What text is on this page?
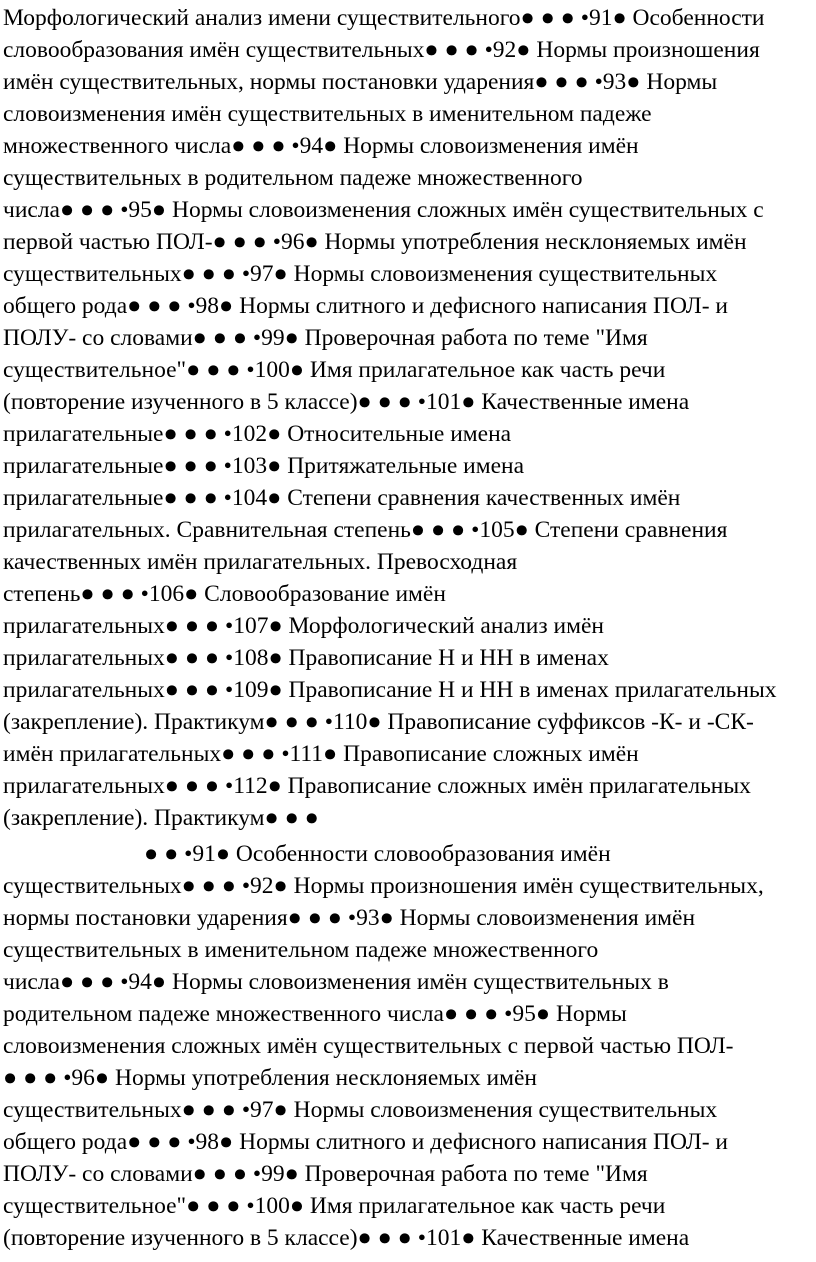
Морфологический анализ имени существительного● ● ● •91● Особенности
словообразования имён существительных● ● ● •92● Нормы произношения
имён существительных, нормы постановки ударения● ● ● •93● Нормы
словоизменения имён существительных в именительном падеже
множественного числа● ● ● •94● Нормы словоизменения имён
существительных в родительном падеже множественного
числа● ● ● •95● Нормы словоизменения сложных имён существительных с
первой частью ПОЛ-● ● ● •96● Нормы употребления несклоняемых имён
существительных● ● ● •97● Нормы словоизменения существительных
общего рода● ● ● •98● Нормы слитного и дефисного написания ПОЛ- и
ПОЛУ- со словами● ● ● •99● Проверочная работа по теме "Имя
существительное"● ● ● •100● Имя прилагательное как часть речи
(повторение изученного в 5 классе)● ● ● •101● Качественные имена
прилагательные● ● ● •102● Относительные имена
прилагательные● ● ● •103● Притяжательные имена
прилагательные● ● ● •104● Степени сравнения качественных имён
прилагательных. Сравнительная степень● ● ● •105● Степени сравнения
качественных имён прилагательных. Превосходная
степень● ● ● •106● Словообразование имён
прилагательных● ● ● •107● Морфологический анализ имён
прилагательных● ● ● •108● Правописание Н и НН в именах
прилагательных● ● ● •109● Правописание Н и НН в именах прилагательных
(закрепление). Практикум● ● ● •110● Правописание суффиксов -К- и -СК-
имён прилагательных● ● ● •111● Правописание сложных имён
прилагательных● ● ● •112● Правописание сложных имён прилагательных
(закрепление). Практикум● ● ●
● ● •91● Особенности словообразования имён
существительных● ● ● •92● Нормы произношения имён существительных,
нормы постановки ударения● ● ● •93● Нормы словоизменения имён
существительных в именительном падеже множественного
числа● ● ● •94● Нормы словоизменения имён существительных в
родительном падеже множественного числа● ● ● •95● Нормы
словоизменения сложных имён существительных с первой частью ПОЛ-
● ● ● •96● Нормы употребления несклоняемых имён
существительных● ● ● •97● Нормы словоизменения существительных
общего рода● ● ● •98● Нормы слитного и дефисного написания ПОЛ- и
ПОЛУ- со словами● ● ● •99● Проверочная работа по теме "Имя
существительное"● ● ● •100● Имя прилагательное как часть речи
(повторение изученного в 5 классе)● ● ● •101● Качественные имена
